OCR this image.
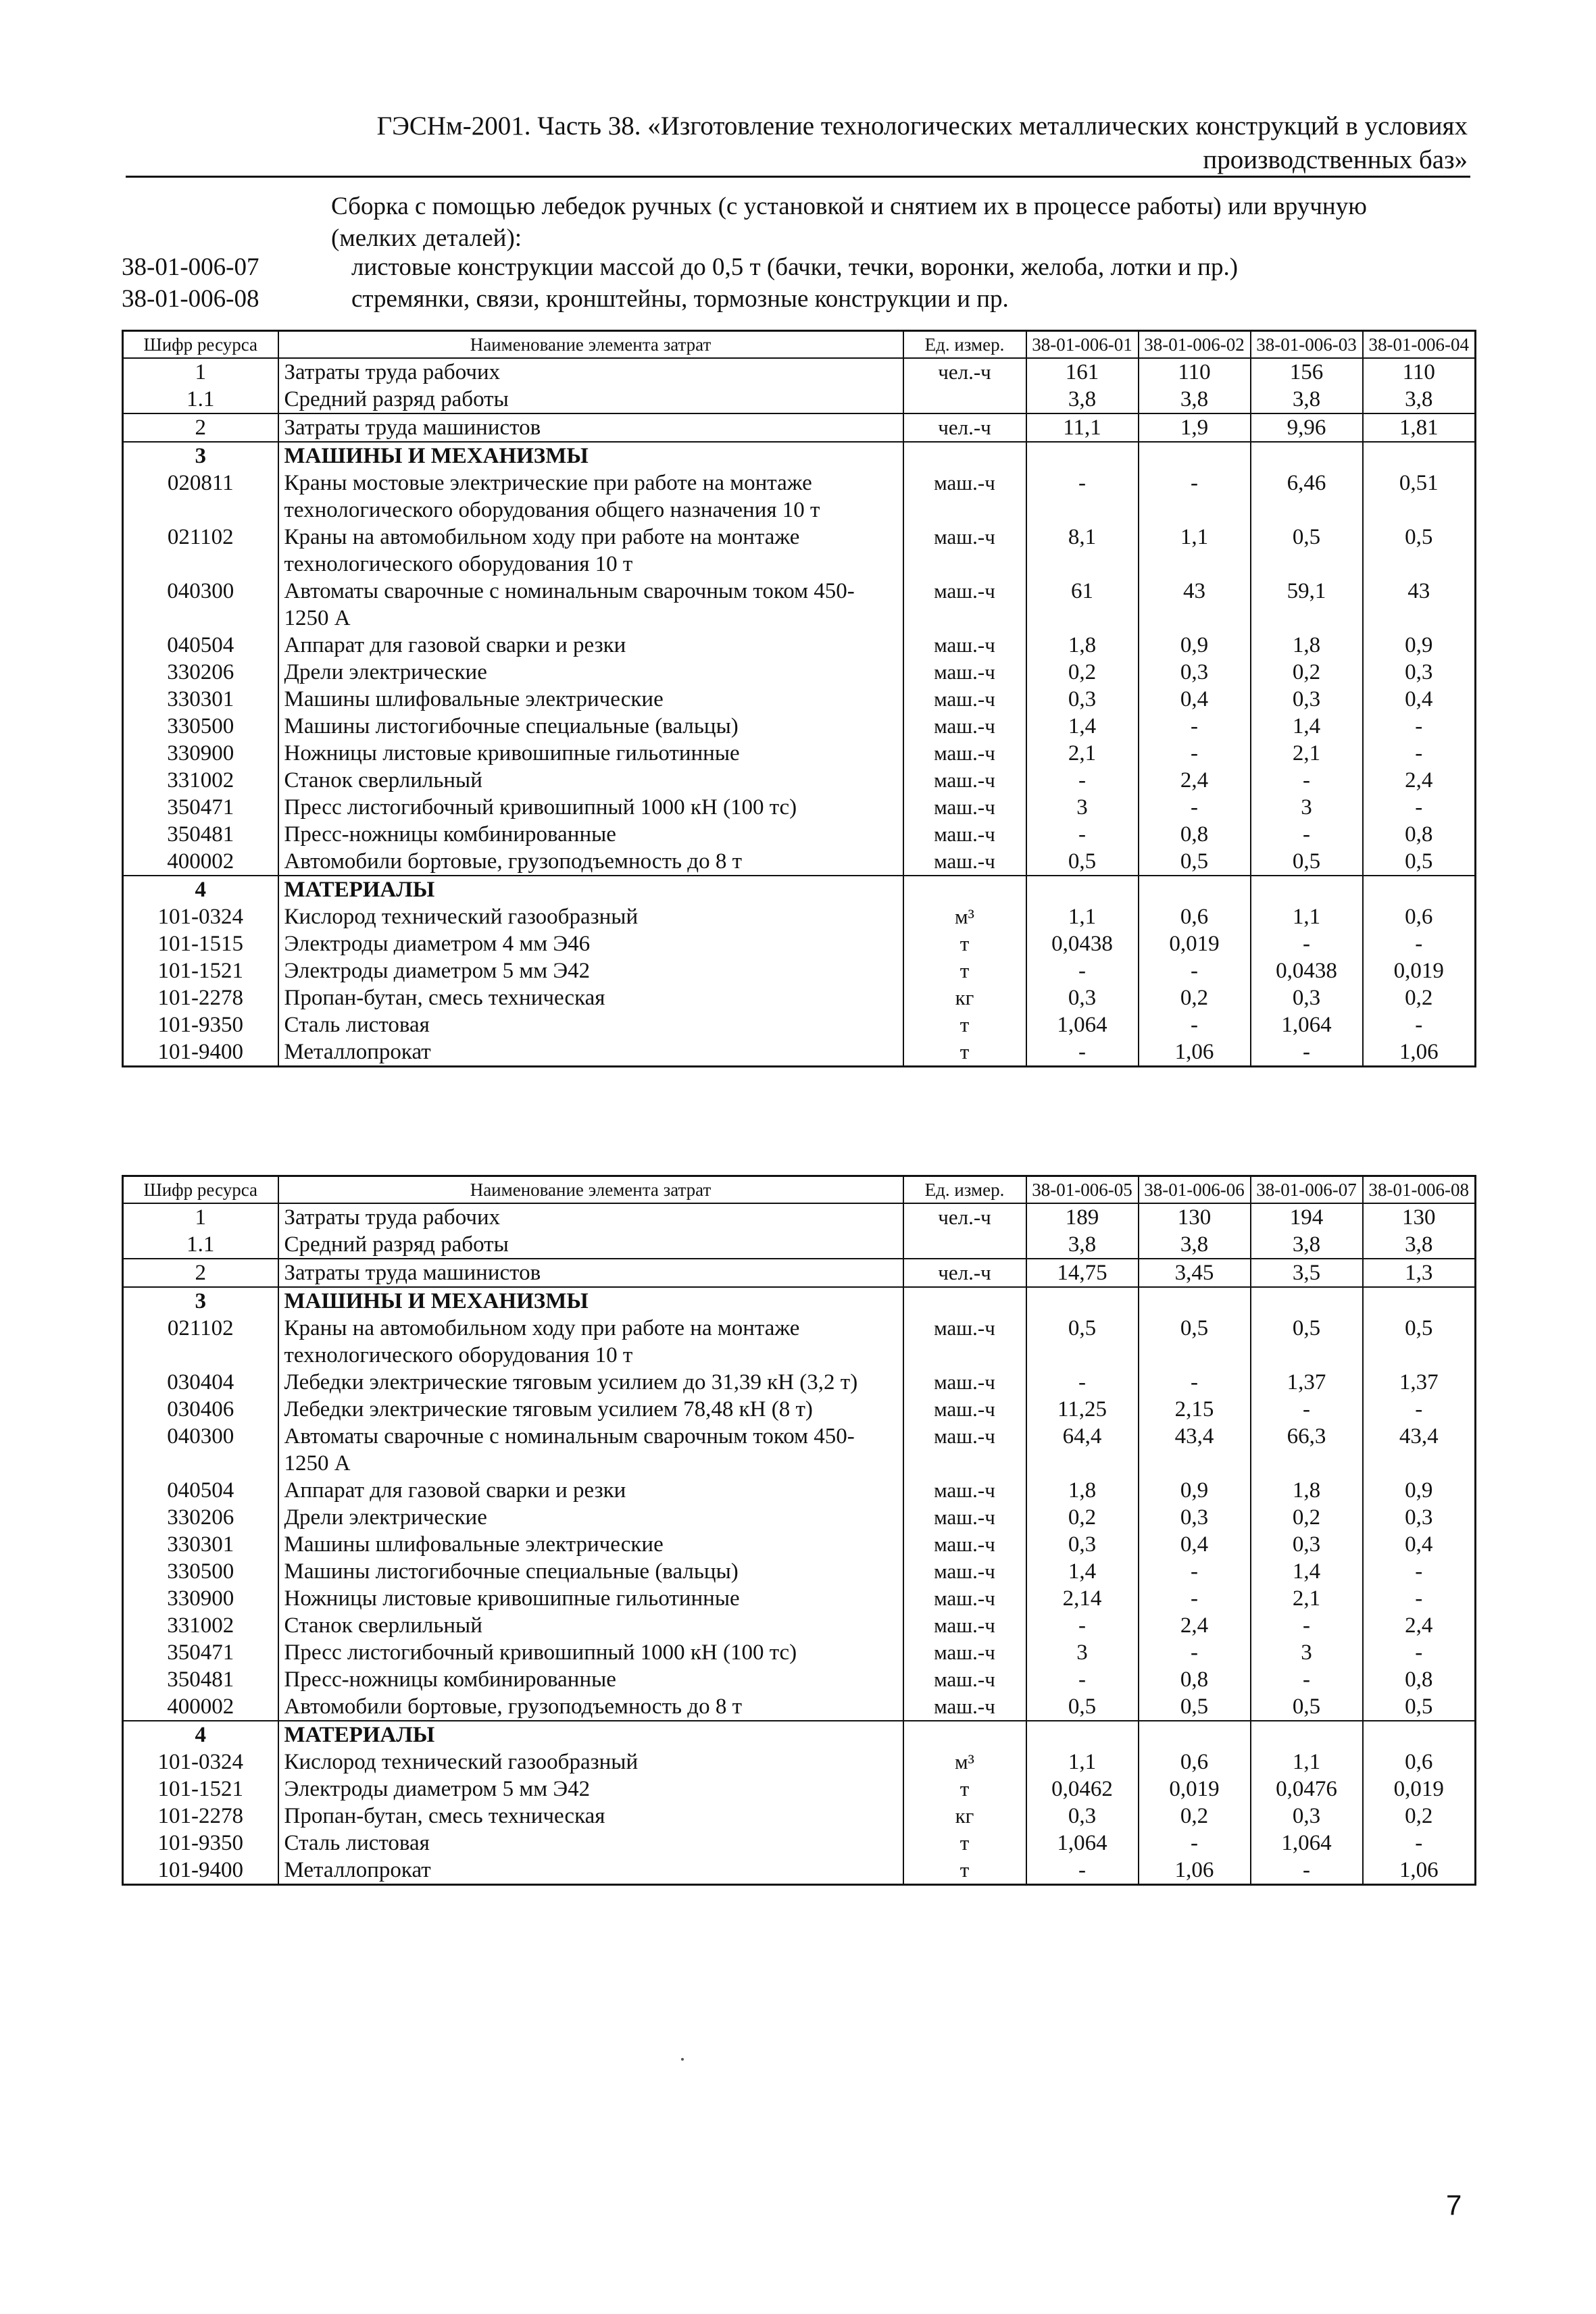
ГЭСНм-2001. Часть 38. «Изготовление технологических металлических конструкций в условиях
производственных баз»
Сборка с помощью лебедок ручных (с установкой и снятием их в процессе работы) или вручную (мелких деталей):
38-01-006-07	листовые конструкции массой до 0,5 т (бачки, течки, воронки, желоба, лотки и пр.)
38-01-006-08	стремянки, связи, кронштейны, тормозные конструкции и пр.
Шифр ресурса	Наименование элемента затрат	Ед. измер.	38-01-006-01	38-01-006-02	38-01-006-03	38-01-006-04
1	Затраты труда рабочих	чел.-ч	161	110	156	110
1.1	Средний разряд работы		3,8	3,8	3,8	3,8
2	Затраты труда машинистов	чел.-ч	11,1	1,9	9,96	1,81
3	МАШИНЫ И МЕХАНИЗМЫ					
020811	Краны мостовые электрические при работе на монтаже технологического оборудования общего назначения 10 т	маш.-ч	-	-	6,46	0,51
021102	Краны на автомобильном ходу при работе на монтаже технологического оборудования 10 т	маш.-ч	8,1	1,1	0,5	0,5
040300	Автоматы сварочные с номинальным сварочным током 450-1250 А	маш.-ч	61	43	59,1	43
040504	Аппарат для газовой сварки и резки	маш.-ч	1,8	0,9	1,8	0,9
330206	Дрели электрические	маш.-ч	0,2	0,3	0,2	0,3
330301	Машины шлифовальные электрические	маш.-ч	0,3	0,4	0,3	0,4
330500	Машины листогибочные специальные (вальцы)	маш.-ч	1,4	-	1,4	-
330900	Ножницы листовые кривошипные гильотинные	маш.-ч	2,1	-	2,1	-
331002	Станок сверлильный	маш.-ч	-	2,4	-	2,4
350471	Пресс листогибочный кривошипный 1000 кН (100 тс)	маш.-ч	3	-	3	-
350481	Пресс-ножницы комбинированные	маш.-ч	-	0,8	-	0,8
400002	Автомобили бортовые, грузоподъемность до 8 т	маш.-ч	0,5	0,5	0,5	0,5
4	МАТЕРИАЛЫ					
101-0324	Кислород технический газообразный	м³	1,1	0,6	1,1	0,6
101-1515	Электроды диаметром 4 мм Э46	т	0,0438	0,019	-	-
101-1521	Электроды диаметром 5 мм Э42	т	-	-	0,0438	0,019
101-2278	Пропан-бутан, смесь техническая	кг	0,3	0,2	0,3	0,2
101-9350	Сталь листовая	т	1,064	-	1,064	-
101-9400	Металлопрокат	т	-	1,06	-	1,06
Шифр ресурса	Наименование элемента затрат	Ед. измер.	38-01-006-05	38-01-006-06	38-01-006-07	38-01-006-08
1	Затраты труда рабочих	чел.-ч	189	130	194	130
1.1	Средний разряд работы		3,8	3,8	3,8	3,8
2	Затраты труда машинистов	чел.-ч	14,75	3,45	3,5	1,3
3	МАШИНЫ И МЕХАНИЗМЫ					
021102	Краны на автомобильном ходу при работе на монтаже технологического оборудования 10 т	маш.-ч	0,5	0,5	0,5	0,5
030404	Лебедки электрические тяговым усилием до 31,39 кН (3,2 т)	маш.-ч	-	-	1,37	1,37
030406	Лебедки электрические тяговым усилием 78,48 кН (8 т)	маш.-ч	11,25	2,15	-	-
040300	Автоматы сварочные с номинальным сварочным током 450-1250 А	маш.-ч	64,4	43,4	66,3	43,4
040504	Аппарат для газовой сварки и резки	маш.-ч	1,8	0,9	1,8	0,9
330206	Дрели электрические	маш.-ч	0,2	0,3	0,2	0,3
330301	Машины шлифовальные электрические	маш.-ч	0,3	0,4	0,3	0,4
330500	Машины листогибочные специальные (вальцы)	маш.-ч	1,4	-	1,4	-
330900	Ножницы листовые кривошипные гильотинные	маш.-ч	2,14	-	2,1	-
331002	Станок сверлильный	маш.-ч	-	2,4	-	2,4
350471	Пресс листогибочный кривошипный 1000 кН (100 тс)	маш.-ч	3	-	3	-
350481	Пресс-ножницы комбинированные	маш.-ч	-	0,8	-	0,8
400002	Автомобили бортовые, грузоподъемность до 8 т	маш.-ч	0,5	0,5	0,5	0,5
4	МАТЕРИАЛЫ					
101-0324	Кислород технический газообразный	м³	1,1	0,6	1,1	0,6
101-1521	Электроды диаметром 5 мм Э42	т	0,0462	0,019	0,0476	0,019
101-2278	Пропан-бутан, смесь техническая	кг	0,3	0,2	0,3	0,2
101-9350	Сталь листовая	т	1,064	-	1,064	-
101-9400	Металлопрокат	т	-	1,06	-	1,06
7
